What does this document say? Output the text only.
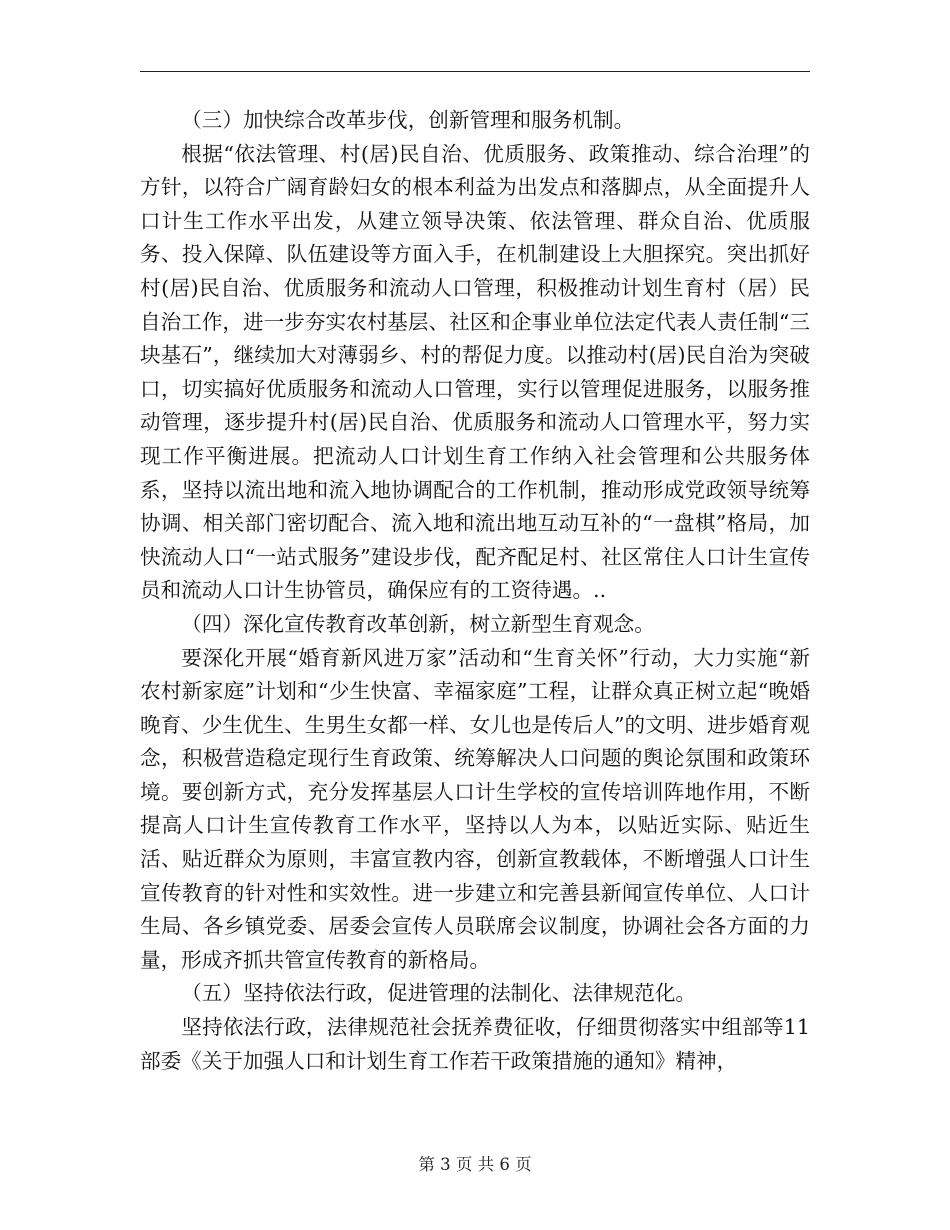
（三）加快综合改革步伐，创新管理和服务机制。

根据“依法管理、村(居)民自治、优质服务、政策推动、综合治理”的方针，以符合广阔育龄妇女的根本利益为出发点和落脚点，从全面提升人口计生工作水平出发，从建立领导决策、依法管理、群众自治、优质服务、投入保障、队伍建设等方面入手，在机制建设上大胆探究。突出抓好村(居)民自治、优质服务和流动人口管理，积极推动计划生育村（居）民自治工作，进一步夯实农村基层、社区和企事业单位法定代表人责任制“三块基石”，继续加大对薄弱乡、村的帮促力度。以推动村(居)民自治为突破口，切实搞好优质服务和流动人口管理，实行以管理促进服务，以服务推动管理，逐步提升村(居)民自治、优质服务和流动人口管理水平，努力实现工作平衡进展。把流动人口计划生育工作纳入社会管理和公共服务体系，坚持以流出地和流入地协调配合的工作机制，推动形成党政领导统筹协调、相关部门密切配合、流入地和流出地互动互补的“一盘棋”格局，加快流动人口“一站式服务”建设步伐，配齐配足村、社区常住人口计生宣传员和流动人口计生协管员，确保应有的工资待遇。..

（四）深化宣传教育改革创新，树立新型生育观念。

要深化开展“婚育新风进万家”活动和“生育关怀”行动，大力实施“新农村新家庭”计划和“少生快富、幸福家庭”工程，让群众真正树立起“晚婚晚育、少生优生、生男生女都一样、女儿也是传后人”的文明、进步婚育观念，积极营造稳定现行生育政策、统筹解决人口问题的舆论氛围和政策环境。要创新方式，充分发挥基层人口计生学校的宣传培训阵地作用，不断提高人口计生宣传教育工作水平，坚持以人为本，以贴近实际、贴近生活、贴近群众为原则，丰富宣教内容，创新宣教载体，不断增强人口计生宣传教育的针对性和实效性。进一步建立和完善县新闻宣传单位、人口计生局、各乡镇党委、居委会宣传人员联席会议制度，协调社会各方面的力量，形成齐抓共管宣传教育的新格局。

（五）坚持依法行政，促进管理的法制化、法律规范化。

坚持依法行政，法律规范社会抚养费征收，仔细贯彻落实中组部等11部委《关于加强人口和计划生育工作若干政策措施的通知》精神，

第 3 页 共 6 页
